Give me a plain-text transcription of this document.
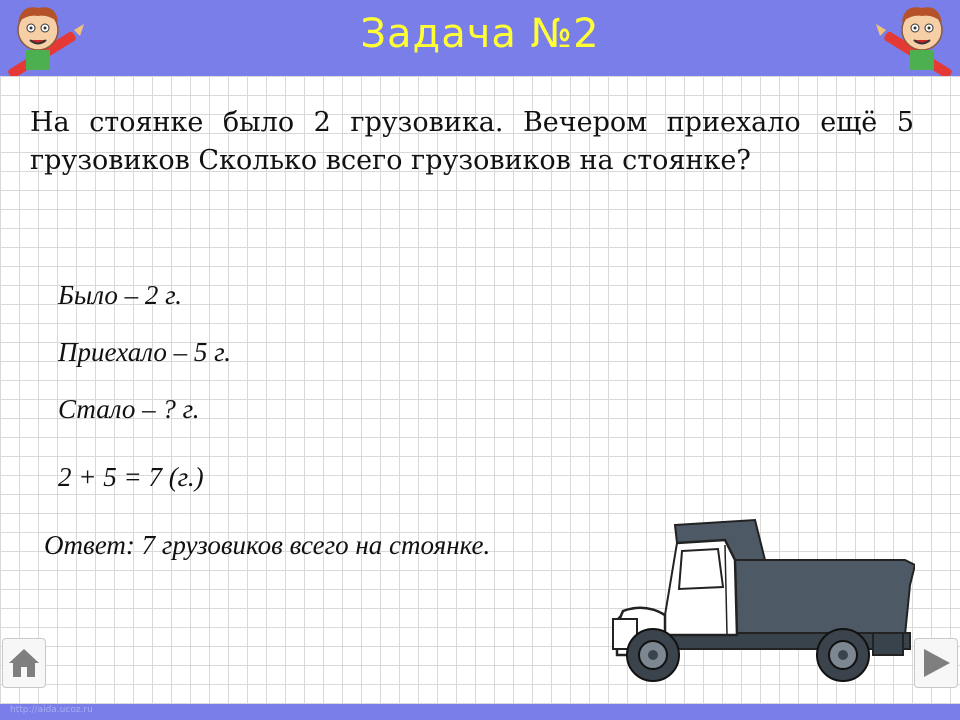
Задача №2
На стоянке было 2 грузовика. Вечером приехало ещё 5 грузовиков Сколько всего грузовиков на стоянке?
Было – 2 г.
Приехало – 5 г.
Стало – ? г.
2 + 5 = 7 (г.)
Ответ: 7 грузовиков всего на стоянке.
http://aida.ucoz.ru
